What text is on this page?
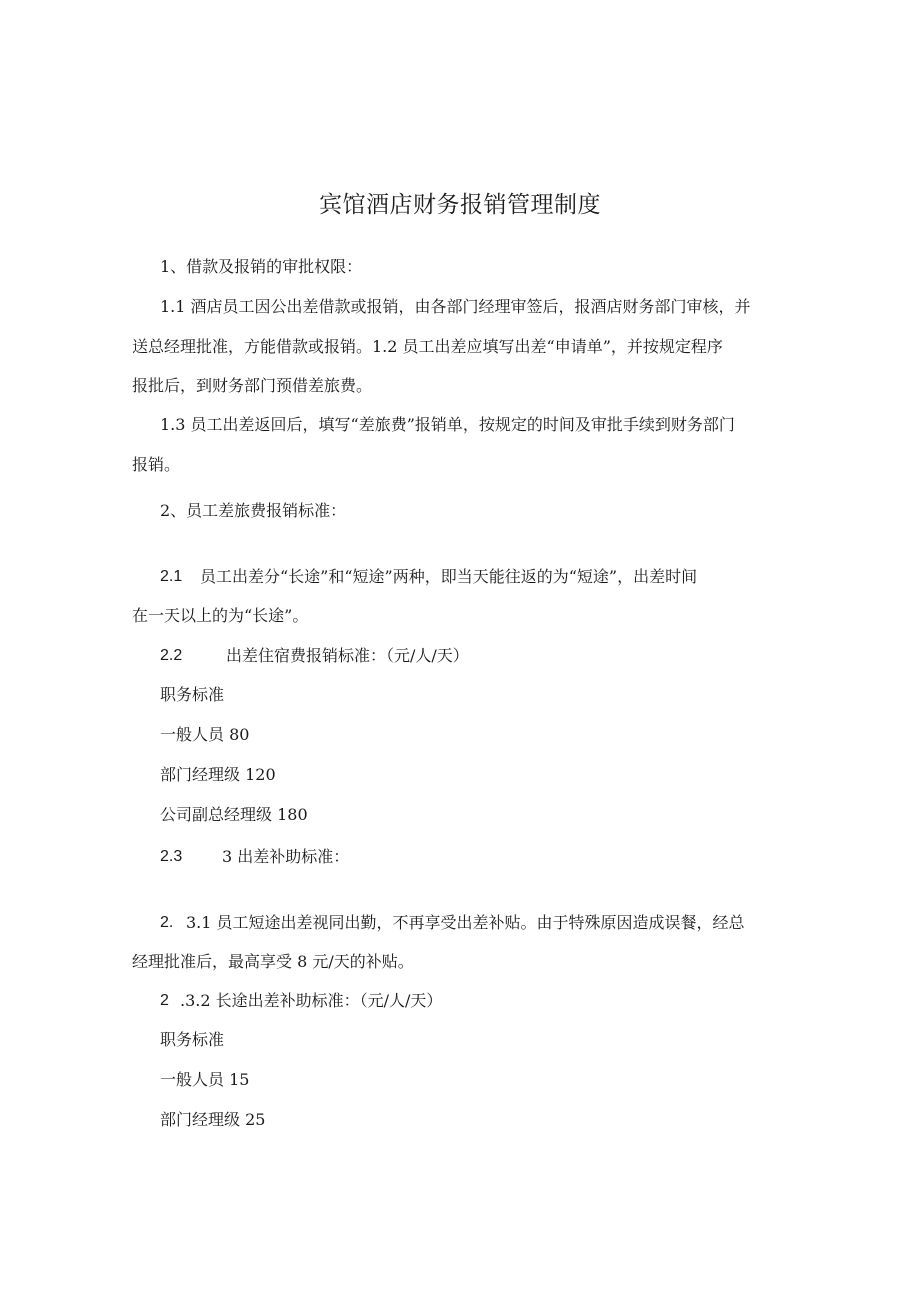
宾馆酒店财务报销管理制度
1、借款及报销的审批权限：
1.1 酒店员工因公出差借款或报销，由各部门经理审签后，报酒店财务部门审核，并
送总经理批准，方能借款或报销。1.2 员工出差应填写出差“申请单”，并按规定程序
报批后，到财务部门预借差旅费。
1.3 员工出差返回后，填写“差旅费”报销单，按规定的时间及审批手续到财务部门
报销。
2、员工差旅费报销标准：
2.1 员工出差分“长途”和“短途”两种，即当天能往返的为“短途”，出差时间
在一天以上的为“长途”。
2.2	出差住宿费报销标准：（元/人/天）
职务标准
一般人员 80
部门经理级 120
公司副总经理级 180
2.3 3 出差补助标准：
2. 3.1 员工短途出差视同出勤，不再享受出差补贴。由于特殊原因造成误餐，经总
经理批准后，最高享受 8 元/天的补贴。
2 .3.2 长途出差补助标准：（元/人/天）
职务标准
一般人员 15
部门经理级 25
